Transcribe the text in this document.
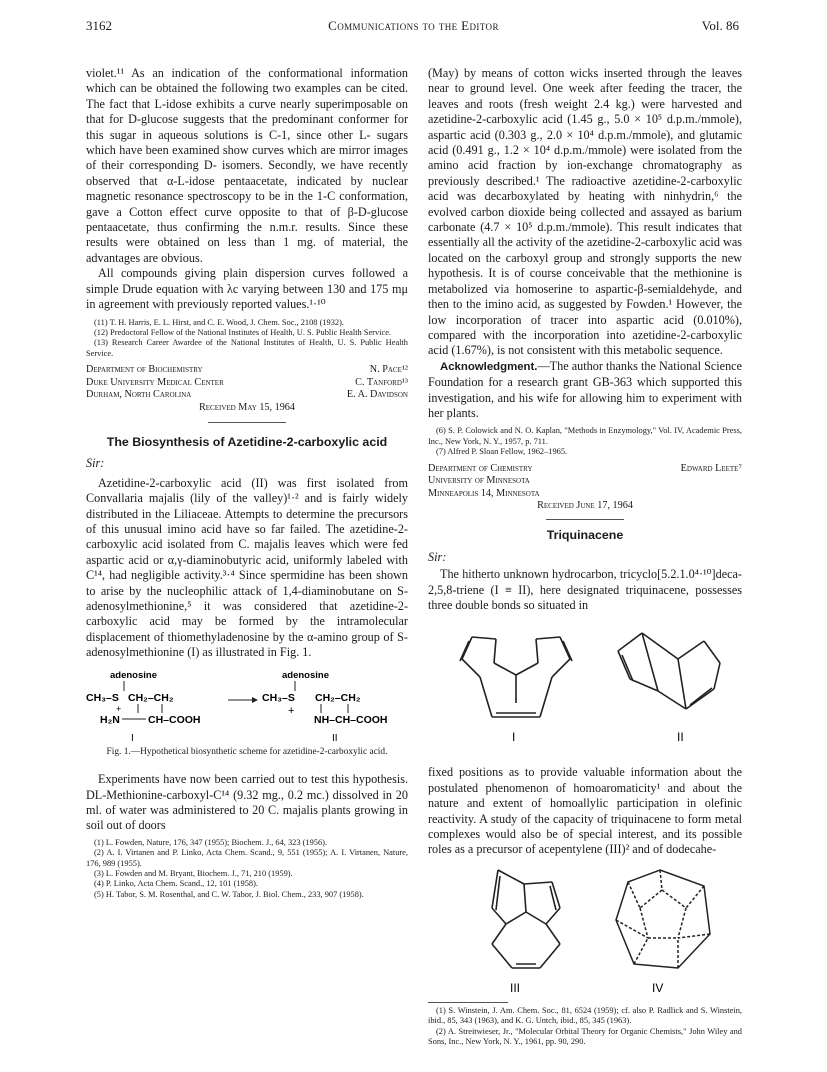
3162	Communications to the Editor	Vol. 86

violet.¹¹ As an indication of the conformational information which can be obtained the following two examples can be cited. The fact that L-idose exhibits a curve nearly superimposable on that for D-glucose suggests that the predominant conformer for this sugar in aqueous solutions is C-1, since other L- sugars which have been examined show curves which are mirror images of their corresponding D- isomers. Secondly, we have recently observed that α-L-idose pentaacetate, indicated by nuclear magnetic resonance spectroscopy to be in the 1-C conformation, gave a Cotton effect curve opposite to that of β-D-glucose pentaacetate, thus confirming the n.m.r. results. Since these results were obtained on less than 1 mg. of material, the advantages are obvious.

All compounds giving plain dispersion curves followed a simple Drude equation with λc varying between 130 and 175 mμ in agreement with previously reported values.¹·¹⁰

(11) T. H. Harris, E. L. Hirst, and C. E. Wood, J. Chem. Soc., 2108 (1932).

(12) Predoctoral Fellow of the National Institutes of Health, U. S. Public Health Service.

(13) Research Career Awardee of the National Institutes of Health, U. S. Public Health Service.

Department of Biochemistry	N. Pace¹²
Duke University Medical Center	C. Tanford¹³
Durham, North Carolina	E. A. Davidson
Received May 15, 1964

The Biosynthesis of Azetidine-2-carboxylic acid

Sir:

Azetidine-2-carboxylic acid (II) was first isolated from Convallaria majalis (lily of the valley)¹·² and is fairly widely distributed in the Liliaceae. Attempts to determine the precursors of this unusual imino acid have so far failed. The azetidine-2-carboxylic acid isolated from C. majalis leaves which were fed aspartic acid or α,γ-diaminobutyric acid, uniformly labeled with C¹⁴, had negligible activity.³·⁴ Since spermidine has been shown to arise by the nucleophilic attack of 1,4-diaminobutane on S-adenosylmethionine,⁵ it was considered that azetidine-2-carboxylic acid may be formed by the intramolecular displacement of thiomethyladenosine by the α-amino group of S-adenosylmethionine (I) as illustrated in Fig. 1.

adenosine
CH₃–S CH₂–CH₂
+
H₂N	CH–COOH
I
adenosine
CH₃–S CH₂–CH₂
+
NH–CH–COOH
II

Fig. 1.—Hypothetical biosynthetic scheme for azetidine-2-carboxylic acid.

Experiments have now been carried out to test this hypothesis. DL-Methionine-carboxyl-C¹⁴ (9.32 mg., 0.2 mc.) dissolved in 20 ml. of water was administered to 20 C. majalis plants growing in soil out of doors

(1) L. Fowden, Nature, 176, 347 (1955); Biochem. J., 64, 323 (1956).

(2) A. I. Virtanen and P. Linko, Acta Chem. Scand., 9, 551 (1955); A. I. Virtanen, Nature, 176, 989 (1955).

(3) L. Fowden and M. Bryant, Biochem. J., 71, 210 (1959).

(4) P. Linko, Acta Chem. Scand., 12, 101 (1958).

(5) H. Tabor, S. M. Rosenthal, and C. W. Tabor, J. Biol. Chem., 233, 907 (1958).

(May) by means of cotton wicks inserted through the leaves near to ground level. One week after feeding the tracer, the leaves and roots (fresh weight 2.4 kg.) were harvested and azetidine-2-carboxylic acid (1.45 g., 5.0 × 10⁵ d.p.m./mmole), aspartic acid (0.303 g., 2.0 × 10⁴ d.p.m./mmole), and glutamic acid (0.491 g., 1.2 × 10⁴ d.p.m./mmole) were isolated from the amino acid fraction by ion-exchange chromatography as previously described.¹ The radioactive azetidine-2-carboxylic acid was decarboxylated by heating with ninhydrin,⁶ the evolved carbon dioxide being collected and assayed as barium carbonate (4.7 × 10⁵ d.p.m./mmole). This result indicates that essentially all the activity of the azetidine-2-carboxylic acid was located on the carboxyl group and strongly supports the new hypothesis. It is of course conceivable that the methionine is metabolized via homoserine to aspartic-β-semialdehyde, and then to the imino acid, as suggested by Fowden.¹ However, the low incorporation of tracer into aspartic acid (0.010%), compared with the incorporation into azetidine-2-carboxylic acid (1.67%), is not consistent with this metabolic sequence.

Acknowledgment.—The author thanks the National Science Foundation for a research grant GB-363 which supported this investigation, and his wife for allowing him to experiment with her plants.

(6) S. P. Colowick and N. O. Kaplan, "Methods in Enzymology," Vol. IV, Academic Press, Inc., New York, N. Y., 1957, p. 711.

(7) Alfred P. Sloan Fellow, 1962–1965.

Department of Chemistry	Edward Leete⁷
University of Minnesota
Minneapolis 14, Minnesota
Received June 17, 1964

Triquinacene

Sir:

The hitherto unknown hydrocarbon, tricyclo[5.2.1.0⁴·¹⁰]deca-2,5,8-triene (I ≡ II), here designated triquinacene, possesses three double bonds so situated in

I	II

fixed positions as to provide valuable information about the postulated phenomenon of homoaromaticity¹ and about the nature and extent of homoallylic participation in olefinic reactivity. A study of the capacity of triquinacene to form metal complexes would also be of special interest, and its possible roles as a precursor of acepentylene (III)² and of dodecahe-

III	IV

(1) S. Winstein, J. Am. Chem. Soc., 81, 6524 (1959); cf. also P. Radlick and S. Winstein, ibid., 85, 343 (1963), and K. G. Untch, ibid., 85, 345 (1963).

(2) A. Streitwieser, Jr., "Molecular Orbital Theory for Organic Chemists," John Wiley and Sons, Inc., New York, N. Y., 1961, pp. 90, 290.
